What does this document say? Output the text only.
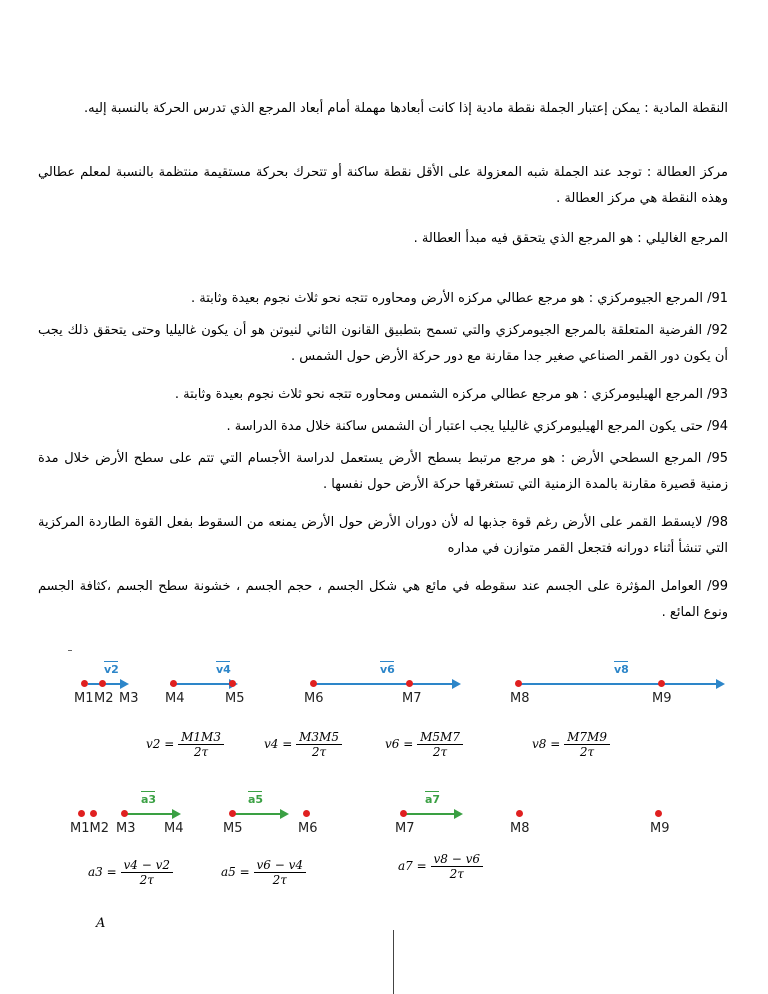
النقطة المادية : يمكن إعتبار الجملة نقطة مادية إذا كانت أبعادها مهملة أمام أبعاد المرجع الذي تدرس الحركة بالنسبة إليه.
مركز العطالة : توجد عند الجملة شبه المعزولة على الأقل نقطة ساكنة أو تتحرك بحركة مستقيمة منتظمة بالنسبة لمعلم عطالي وهذه النقطة هي مركز العطالة .
المرجع الغاليلي : هو المرجع الذي يتحقق فيه مبدأ العطالة .
91/ المرجع الجيومركزي : هو مرجع عطالي مركزه الأرض ومحاوره تتجه نحو ثلاث نجوم بعيدة وثابتة .
92/ الفرضية المتعلقة بالمرجع الجيومركزي والتي تسمح بتطبيق القانون الثاني لنيوتن هو أن يكون غاليليا وحتى يتحقق ذلك يجب أن يكون دور القمر الصناعي صغير جدا مقارنة مع دور حركة الأرض حول الشمس .
93/ المرجع الهيليومركزي : هو مرجع عطالي مركزه الشمس ومحاوره تتجه نحو ثلاث نجوم بعيدة وثابتة .
94/ حتى يكون المرجع الهيليومركزي غاليليا يجب اعتبار أن الشمس ساكنة خلال مدة الدراسة .
95/ المرجع السطحي الأرض : هو مرجع مرتبط بسطح الأرض يستعمل لدراسة الأجسام التي تتم على سطح الأرض خلال مدة زمنية قصيرة مقارنة بالمدة الزمنية التي تستغرقها حركة الأرض حول نفسها .
98/ لايسقط القمر على الأرض رغم قوة جذبها له لأن دوران الأرض حول الأرض يمنعه من السقوط بفعل القوة الطاردة المركزية التي تنشأ أثناء دورانه فتجعل القمر متوازن في مداره
99/ العوامل المؤثرة على الجسم عند سقوطه في مائع هي شكل الجسم ، حجم الجسم ، خشونة سطح الجسم ،كثافة الجسم ونوع المائع .
v2	v4	v6	v8
M1 M2 M3 M4	M5	M6	M7	M8	M9
$v2 = \frac{M1M3}{2\tau}$	$v4 = \frac{M3M5}{2\tau}$	$v6 = \frac{M5M7}{2\tau}$	$v8 = \frac{M7M9}{2\tau}$
a3	a5	a7
M1M2 M3 M4	M5	M6	M7	M8	M9
$a3 = \frac{v4 - v2}{2\tau}$	$a5 = \frac{v6 - v4}{2\tau}$	$a7 = \frac{v8 - v6}{2\tau}$
A
